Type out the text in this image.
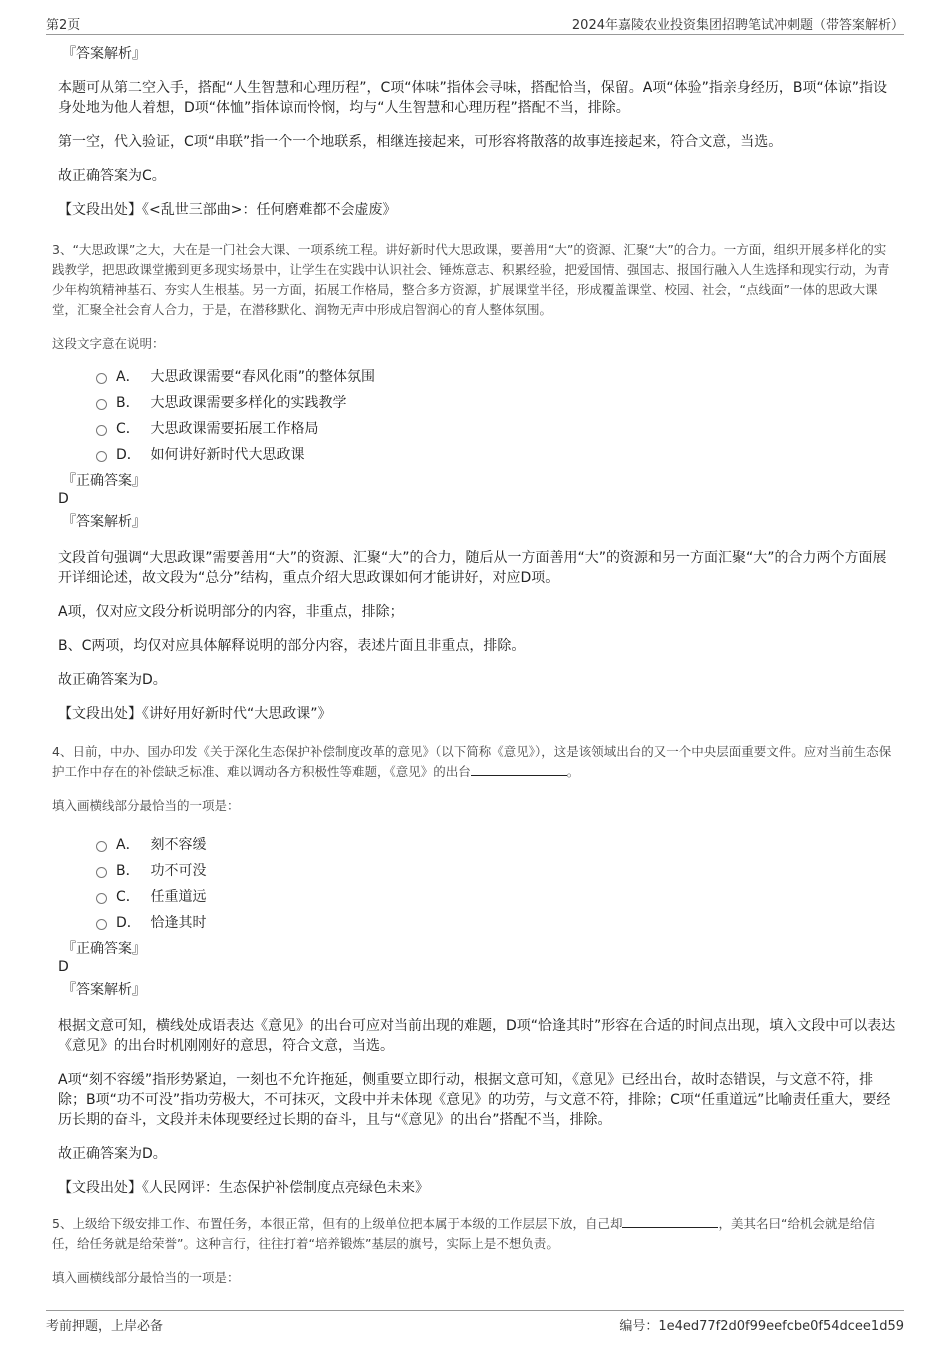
第2页	2024年嘉陵农业投资集团招聘笔试冲刺题（带答案解析）
『答案解析』
本题可从第二空入手，搭配“人生智慧和心理历程”，C项“体味”指体会寻味，搭配恰当，保留。A项“体验”指亲身经历，B项“体谅”指设身处地为他人着想，D项“体恤”指体谅而怜悯，均与“人生智慧和心理历程”搭配不当，排除。
第一空，代入验证，C项“串联”指一个一个地联系，相继连接起来，可形容将散落的故事连接起来，符合文意，当选。
故正确答案为C。
【文段出处】《<乱世三部曲>：任何磨难都不会虚废》
3、“大思政课”之大，大在是一门社会大课、一项系统工程。讲好新时代大思政课，要善用“大”的资源、汇聚“大”的合力。一方面，组织开展多样化的实践教学，把思政课堂搬到更多现实场景中，让学生在实践中认识社会、锤炼意志、积累经验，把爱国情、强国志、报国行融入人生选择和现实行动，为青少年构筑精神基石、夯实人生根基。另一方面，拓展工作格局，整合多方资源，扩展课堂半径，形成覆盖课堂、校园、社会，“点线面”一体的思政大课堂，汇聚全社会育人合力，于是，在潜移默化、润物无声中形成启智润心的育人整体氛围。
这段文字意在说明：
A． 大思政课需要“春风化雨”的整体氛围
B． 大思政课需要多样化的实践教学
C． 大思政课需要拓展工作格局
D． 如何讲好新时代大思政课
『正确答案』
D
『答案解析』
文段首句强调“大思政课”需要善用“大”的资源、汇聚“大”的合力，随后从一方面善用“大”的资源和另一方面汇聚“大”的合力两个方面展开详细论述，故文段为“总分”结构，重点介绍大思政课如何才能讲好，对应D项。
A项，仅对应文段分析说明部分的内容，非重点，排除；
B、C两项，均仅对应具体解释说明的部分内容，表述片面且非重点，排除。
故正确答案为D。
【文段出处】《讲好用好新时代“大思政课”》
4、日前，中办、国办印发《关于深化生态保护补偿制度改革的意见》（以下简称《意见》），这是该领域出台的又一个中央层面重要文件。应对当前生态保护工作中存在的补偿缺乏标准、难以调动各方积极性等难题，《意见》的出台	。
填入画横线部分最恰当的一项是：
A． 刻不容缓
B． 功不可没
C． 任重道远
D． 恰逢其时
『正确答案』
D
『答案解析』
根据文意可知，横线处成语表达《意见》的出台可应对当前出现的难题，D项“恰逢其时”形容在合适的时间点出现，填入文段中可以表达《意见》的出台时机刚刚好的意思，符合文意，当选。
A项“刻不容缓”指形势紧迫，一刻也不允许拖延，侧重要立即行动，根据文意可知，《意见》已经出台，故时态错误，与文意不符，排除；B项“功不可没”指功劳极大，不可抹灭，文段中并未体现《意见》的功劳，与文意不符，排除；C项“任重道远”比喻责任重大，要经历长期的奋斗，文段并未体现要经过长期的奋斗，且与“《意见》的出台”搭配不当，排除。
故正确答案为D。
【文段出处】《人民网评：生态保护补偿制度点亮绿色未来》
5、上级给下级安排工作、布置任务，本很正常，但有的上级单位把本属于本级的工作层层下放，自己却	，美其名曰“给机会就是给信任，给任务就是给荣誉”。这种言行，往往打着“培养锻炼”基层的旗号，实际上是不想负责。
填入画横线部分最恰当的一项是：
考前押题，上岸必备	编号：1e4ed77f2d0f99eefcbe0f54dcee1d59
